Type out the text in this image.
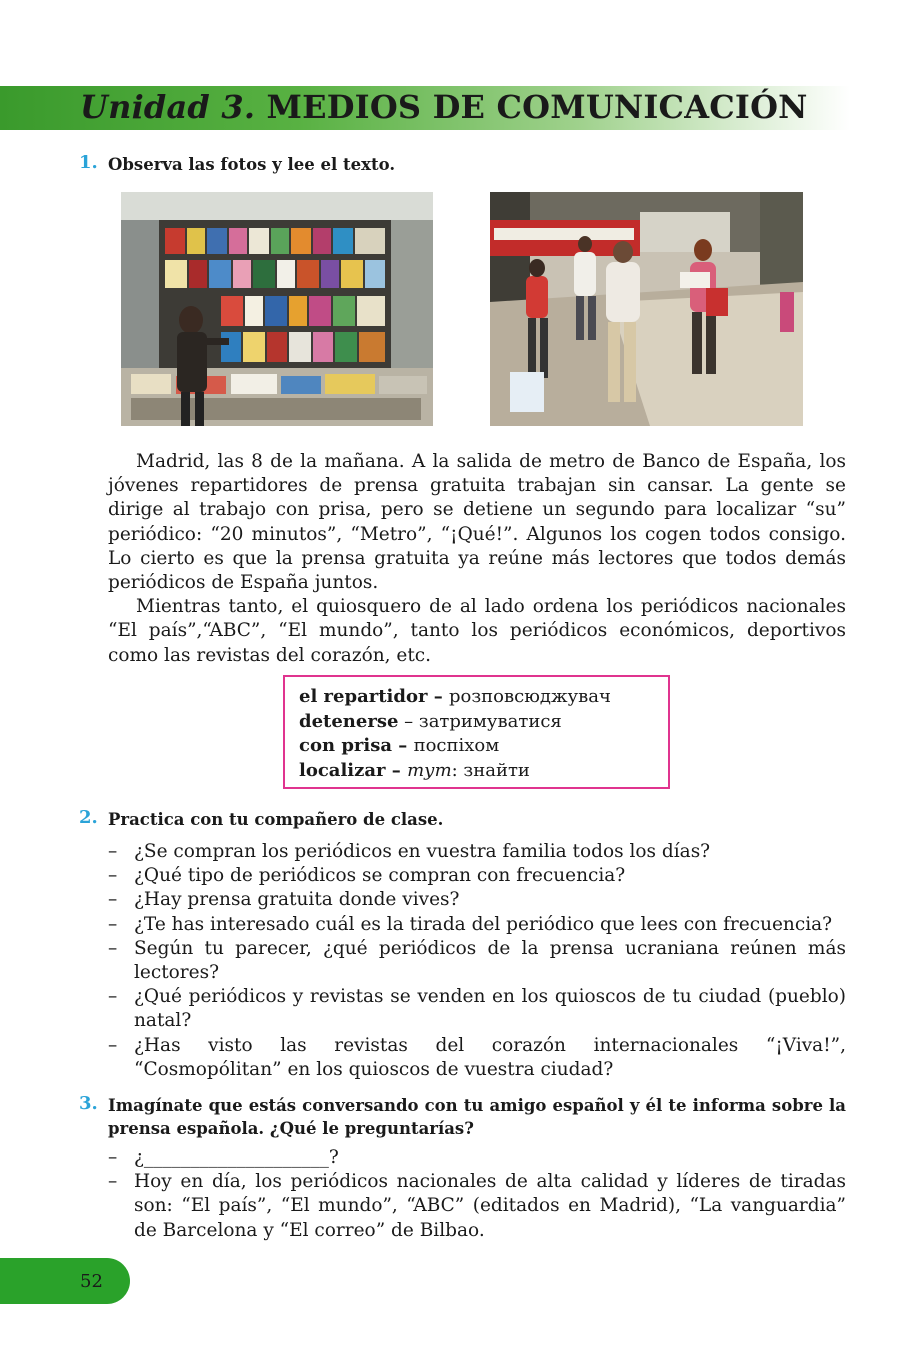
Unidad 3. MEDIOS DE COMUNICACIÓN
1. Observa las fotos y lee el texto.

Madrid, las 8 de la mañana. A la salida de metro de Banco de España, los jóvenes repartidores de prensa gratuita trabajan sin cansar. La gente se dirige al trabajo con prisa, pero se detiene un segundo para localizar “su” periódico: “20 minutos”, “Metro”, “¡Qué!”. Algunos los cogen todos consigo. Lo cierto es que la prensa gratuita ya reúne más lectores que todos demás periódicos de España juntos.

Mientras tanto, el quiosquero de al lado ordena los periódicos nacionales “El país”,“ABC”, “El mundo”, tanto los periódicos económicos, deportivos como las revistas del corazón, etc.

el repartidor – розповсюджувач
detenerse – затримуватися
con prisa – поспіхом
localizar – тут: знайти
2. Practica con tu compañero de clase.
– ¿Se compran los periódicos en vuestra familia todos los días?
– ¿Qué tipo de periódicos se compran con frecuencia?
– ¿Hay prensa gratuita donde vives?
– ¿Te has interesado cuál es la tirada del periódico que lees con frecuencia?
– Según tu parecer, ¿qué periódicos de la prensa ucraniana reúnen más lectores?
– ¿Qué periódicos y revistas se venden en los quioscos de tu ciudad (pueblo) natal?
– ¿Has visto las revistas del corazón internacionales “¡Viva!”, “Cosmopólitan” en los quioscos de vuestra ciudad?
3. Imagínate que estás conversando con tu amigo español y él te informa sobre la prensa española. ¿Qué le preguntarías?
– ¿____________________?
– Hoy en día, los periódicos nacionales de alta calidad y líderes de tiradas son: “El país”, “El mundo”, “ABC” (editados en Madrid), “La vanguardia” de Barcelona y “El correo” de Bilbao.
52
